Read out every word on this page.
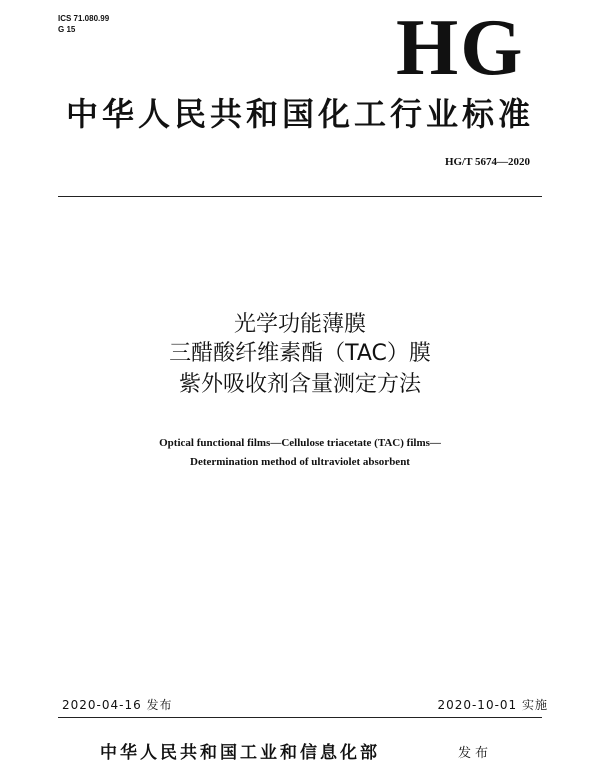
ICS 71.080.99
G 15	HG
中华人民共和国化工行业标准
HG/T 5674—2020
光学功能薄膜
三醋酸纤维素酯（TAC）膜
紫外吸收剂含量测定方法
Optical functional films—Cellulose triacetate (TAC) films—
Determination method of ultraviolet absorbent
2020-04-16 发布	2020-10-01 实施
中华人民共和国工业和信息化部	发布
